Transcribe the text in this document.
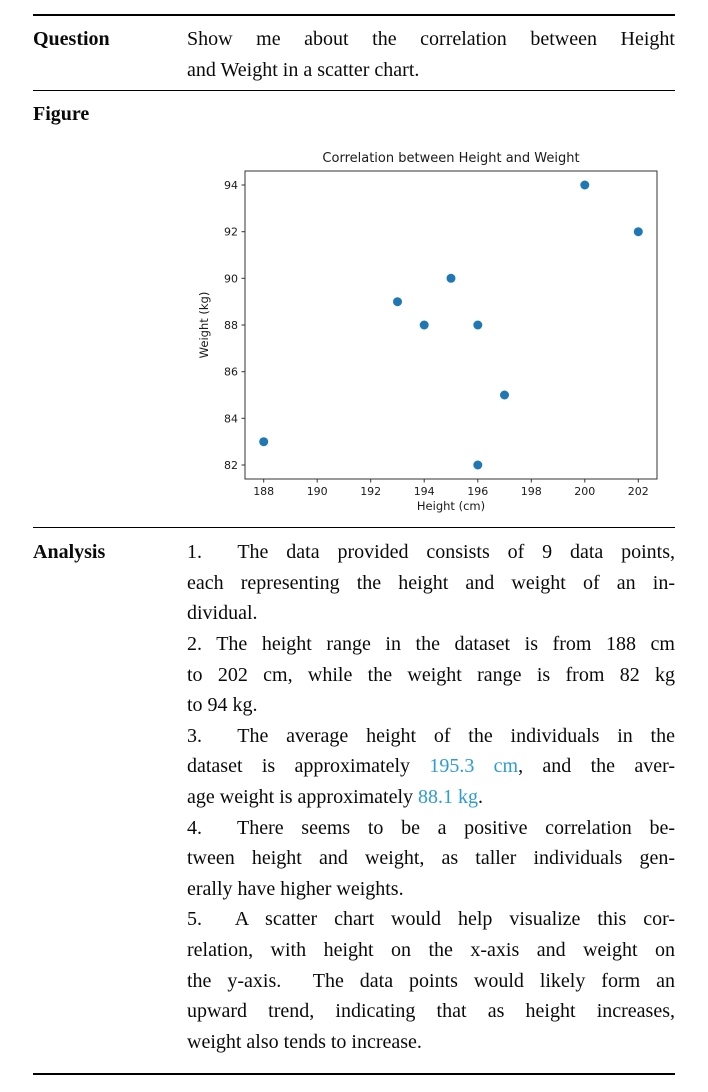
Question	Show me about the correlation between Height
and Weight in a scatter chart.
Figure
Correlation between Height and Weight
188	190	192	194	196	198	200	202
82
84
86
88
90
92
94
Height (cm)
Weight (kg)
Analysis	1.  The data provided consists of 9 data points,
each representing the height and weight of an in-
dividual.
2. The height range in the dataset is from 188 cm
to 202 cm, while the weight range is from 82 kg
to 94 kg.
3.  The average height of the individuals in the
dataset is approximately 195.3 cm, and the aver-
age weight is approximately 88.1 kg.
4.  There seems to be a positive correlation be-
tween height and weight, as taller individuals gen-
erally have higher weights.
5.  A scatter chart would help visualize this cor-
relation, with height on the x-axis and weight on
the y-axis.  The data points would likely form an
upward trend, indicating that as height increases,
weight also tends to increase.
